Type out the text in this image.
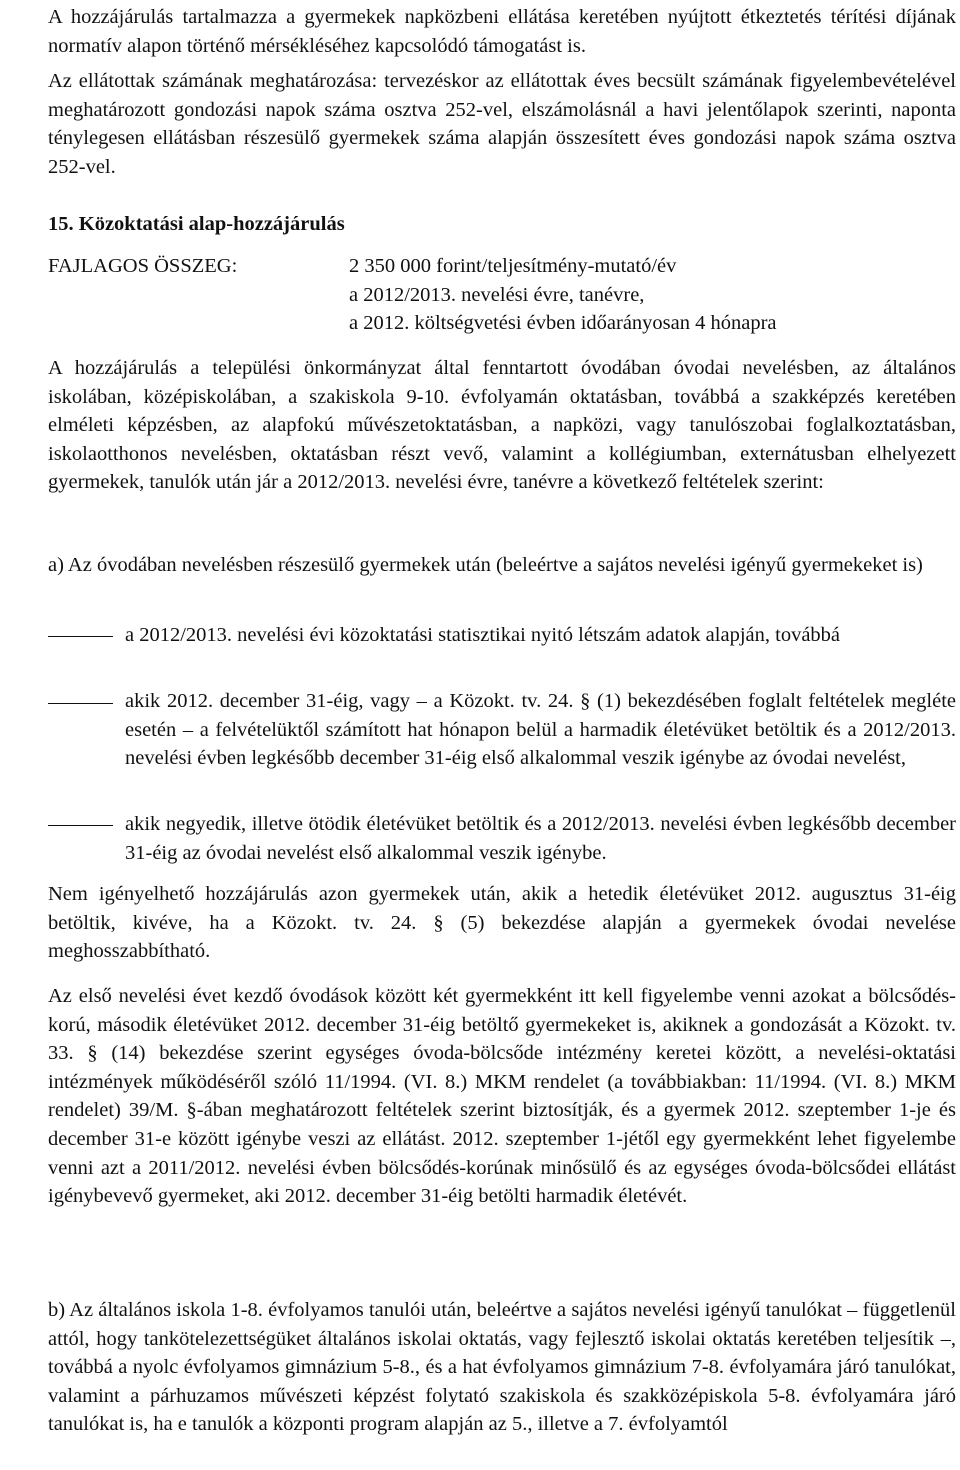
A hozzájárulás tartalmazza a gyermekek napközbeni ellátása keretében nyújtott étkeztetés térítési díjának normatív alapon történő mérsékléséhez kapcsolódó támogatást is.

Az ellátottak számának meghatározása: tervezéskor az ellátottak éves becsült számának figyelembevételével meghatározott gondozási napok száma osztva 252-vel, elszámolásnál a havi jelentőlapok szerinti, naponta ténylegesen ellátásban részesülő gyermekek száma alapján összesített éves gondozási napok száma osztva 252-vel.

15. Közoktatási alap-hozzájárulás

FAJLAGOS ÖSSZEG:	2 350 000 forint/teljesítmény-mutató/év
a 2012/2013. nevelési évre, tanévre,
a 2012. költségvetési évben időarányosan 4 hónapra

A hozzájárulás a települési önkormányzat által fenntartott óvodában óvodai nevelésben, az általános iskolában, középiskolában, a szakiskola 9-10. évfolyamán oktatásban, továbbá a szakképzés keretében elméleti képzésben, az alapfokú művészetoktatásban, a napközi, vagy tanulószobai foglalkoztatásban, iskolaotthonos nevelésben, oktatásban részt vevő, valamint a kollégiumban, externátusban elhelyezett gyermekek, tanulók után jár a 2012/2013. nevelési évre, tanévre a következő feltételek szerint:

a) Az óvodában nevelésben részesülő gyermekek után (beleértve a sajátos nevelési igényű gyermekeket is)

a 2012/2013. nevelési évi közoktatási statisztikai nyitó létszám adatok alapján, továbbá

akik 2012. december 31-éig, vagy – a Közokt. tv. 24. § (1) bekezdésében foglalt feltételek megléte esetén – a felvételüktől számított hat hónapon belül a harmadik életévüket betöltik és a 2012/2013. nevelési évben legkésőbb december 31-éig első alkalommal veszik igénybe az óvodai nevelést,

akik negyedik, illetve ötödik életévüket betöltik és a 2012/2013. nevelési évben legkésőbb december 31-éig az óvodai nevelést első alkalommal veszik igénybe.

Nem igényelhető hozzájárulás azon gyermekek után, akik a hetedik életévüket 2012. augusztus 31-éig betöltik, kivéve, ha a Közokt. tv. 24. § (5) bekezdése alapján a gyermekek óvodai nevelése meghosszabbítható.

Az első nevelési évet kezdő óvodások között két gyermekként itt kell figyelembe venni azokat a bölcsődés-korú, második életévüket 2012. december 31-éig betöltő gyermekeket is, akiknek a gondozását a Közokt. tv. 33. § (14) bekezdése szerint egységes óvoda-bölcsőde intézmény keretei között, a nevelési-oktatási intézmények működéséről szóló 11/1994. (VI. 8.) MKM rendelet (a továbbiakban: 11/1994. (VI. 8.) MKM rendelet) 39/M. §-ában meghatározott feltételek szerint biztosítják, és a gyermek 2012. szeptember 1-je és december 31-e között igénybe veszi az ellátást. 2012. szeptember 1-jétől egy gyermekként lehet figyelembe venni azt a 2011/2012. nevelési évben bölcsődés-korúnak minősülő és az egységes óvoda-bölcsődei ellátást igénybevevő gyermeket, aki 2012. december 31-éig betölti harmadik életévét.

b) Az általános iskola 1-8. évfolyamos tanulói után, beleértve a sajátos nevelési igényű tanulókat – függetlenül attól, hogy tankötelezettségüket általános iskolai oktatás, vagy fejlesztő iskolai oktatás keretében teljesítik –, továbbá a nyolc évfolyamos gimnázium 5-8., és a hat évfolyamos gimnázium 7-8. évfolyamára járó tanulókat, valamint a párhuzamos művészeti képzést folytató szakiskola és szakközépiskola 5-8. évfolyamára járó tanulókat is, ha e tanulók a központi program alapján az 5., illetve a 7. évfolyamtól
